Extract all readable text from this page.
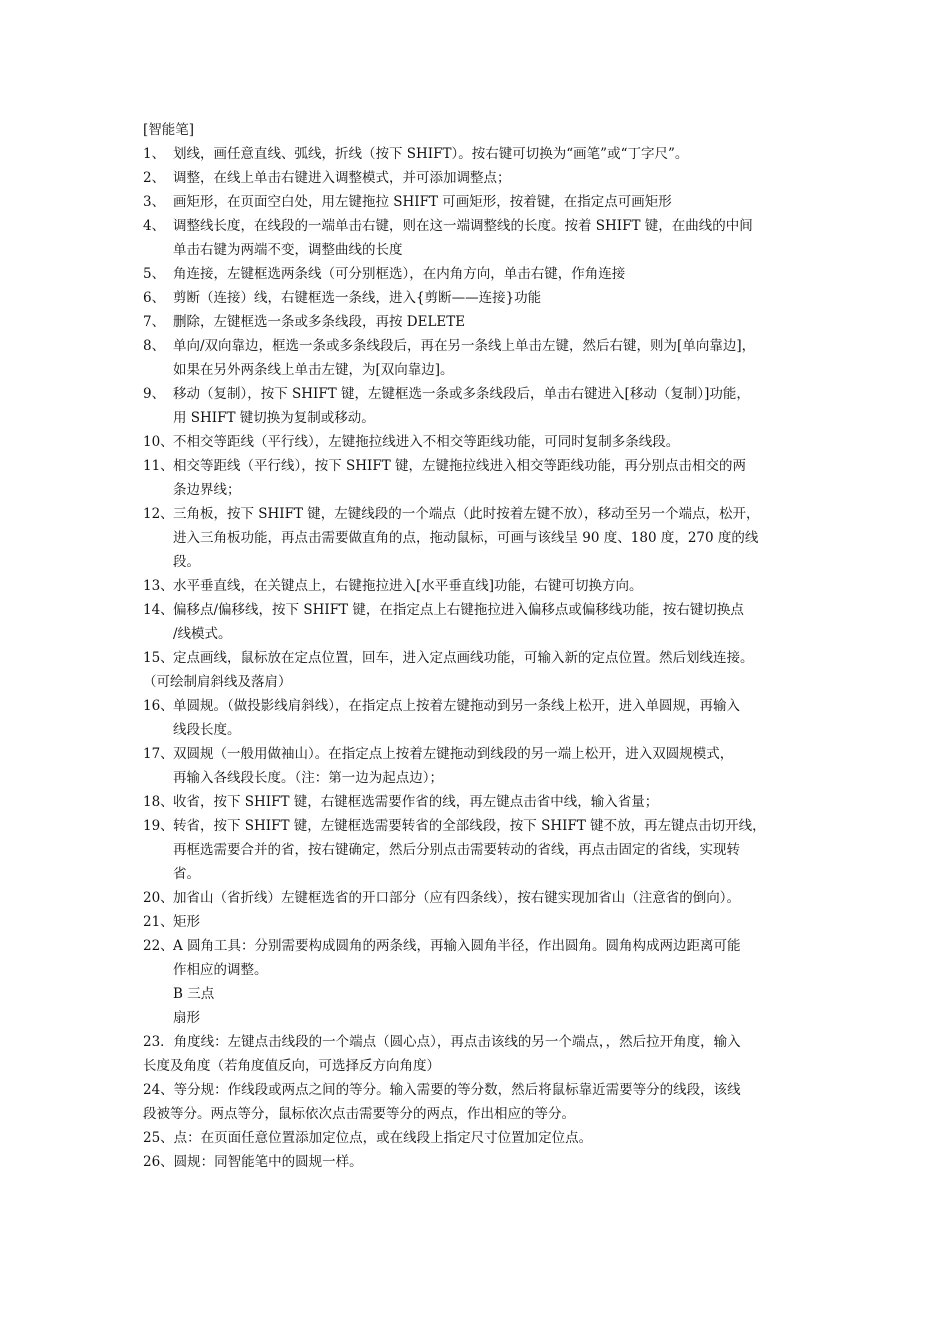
[智能笔]
1、 划线，画任意直线、弧线，折线（按下 SHIFT）。按右键可切换为“画笔”或“丁字尺”。
2、 调整，在线上单击右键进入调整模式，并可添加调整点；
3、 画矩形，在页面空白处，用左键拖拉 SHIFT 可画矩形，按着键，在指定点可画矩形
4、 调整线长度，在线段的一端单击右键，则在这一端调整线的长度。按着 SHIFT 键，在曲线的中间
单击右键为两端不变，调整曲线的长度
5、 角连接，左键框选两条线（可分别框选），在内角方向，单击右键，作角连接
6、 剪断（连接）线，右键框选一条线，进入{剪断——连接}功能
7、 删除，左键框选一条或多条线段，再按 DELETE
8、 单向/双向靠边，框选一条或多条线段后，再在另一条线上单击左键，然后右键，则为[单向靠边]，
如果在另外两条线上单击左键，为[双向靠边]。
9、 移动（复制），按下 SHIFT 键，左键框选一条或多条线段后，单击右键进入[移动（复制）]功能，
用 SHIFT 键切换为复制或移动。
10、不相交等距线（平行线），左键拖拉线进入不相交等距线功能，可同时复制多条线段。
11、相交等距线（平行线），按下 SHIFT 键，左键拖拉线进入相交等距线功能，再分别点击相交的两
条边界线；
12、三角板，按下 SHIFT 键，左键线段的一个端点（此时按着左键不放），移动至另一个端点，松开，
进入三角板功能，再点击需要做直角的点，拖动鼠标，可画与该线呈 90 度、180 度，270 度的线
段。
13、水平垂直线，在关键点上，右键拖拉进入[水平垂直线]功能，右键可切换方向。
14、偏移点/偏移线，按下 SHIFT 键，在指定点上右键拖拉进入偏移点或偏移线功能，按右键切换点
/线模式。
15、定点画线，鼠标放在定点位置，回车，进入定点画线功能，可输入新的定点位置。然后划线连接。
（可绘制肩斜线及落肩）
16、单圆规。（做投影线肩斜线），在指定点上按着左键拖动到另一条线上松开，进入单圆规，再输入
线段长度。
17、双圆规（一般用做袖山）。在指定点上按着左键拖动到线段的另一端上松开，进入双圆规模式，
再输入各线段长度。（注：第一边为起点边）；
18、收省，按下 SHIFT 键，右键框选需要作省的线，再左键点击省中线，输入省量；
19、转省，按下 SHIFT 键，左键框选需要转省的全部线段，按下 SHIFT 键不放，再左键点击切开线，
再框选需要合并的省，按右键确定，然后分别点击需要转动的省线，再点击固定的省线，实现转
省。
20、加省山（省折线）左键框选省的开口部分（应有四条线），按右键实现加省山（注意省的倒向）。
21、矩形
22、A 圆角工具：分别需要构成圆角的两条线，再输入圆角半径，作出圆角。圆角构成两边距离可能
作相应的调整。
B 三点
扇形
23．角度线：左键点击线段的一个端点（圆心点），再点击该线的另一个端点，，然后拉开角度，输入
长度及角度（若角度值反向，可选择反方向角度）
24、等分规：作线段或两点之间的等分。输入需要的等分数，然后将鼠标靠近需要等分的线段，该线
段被等分。两点等分，鼠标依次点击需要等分的两点，作出相应的等分。
25、点：在页面任意位置添加定位点，或在线段上指定尺寸位置加定位点。
26、圆规：同智能笔中的圆规一样。
